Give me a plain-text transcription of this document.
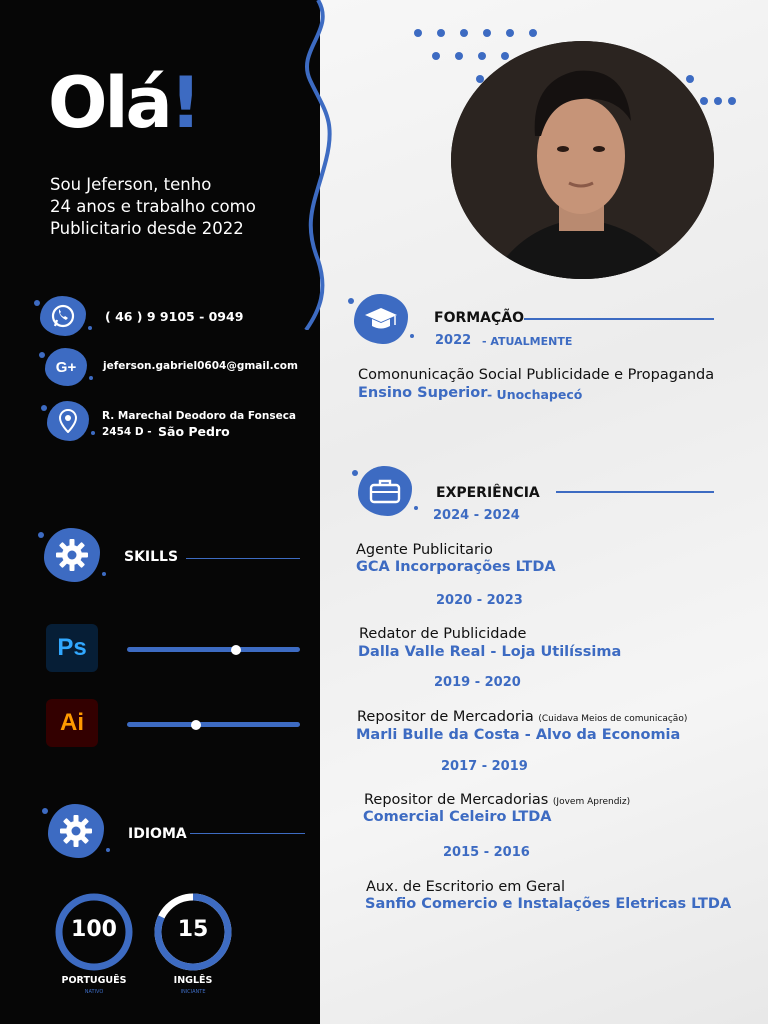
Olá!
Sou Jeferson, tenho
24 anos e trabalho como
Publicitario desde 2022
( 46 ) 9 9105 - 0949
G+	jeferson.gabriel0604@gmail.com
R. Marechal Deodoro da Fonseca
2454 D - São Pedro
SKILLS
Ps
Ai
IDIOMA
100
PORTUGUÊS
NATIVO
15
INGLÊS
INICIANTE
FORMAÇÃO
2022 - ATUALMENTE
Comonunicação Social Publicidade e Propaganda
Ensino Superior - Unochapecó
EXPERIÊNCIA
2024 - 2024
Agente Publicitario
GCA Incorporações LTDA
2020 - 2023
Redator de Publicidade
Dalla Valle Real - Loja Utilíssima
2019 - 2020
Repositor de Mercadoria (Cuidava Meios de comunicação)
Marli Bulle da Costa - Alvo da Economia
2017 - 2019
Repositor de Mercadorias (Jovem Aprendiz)
Comercial Celeiro LTDA
2015 - 2016
Aux. de Escritorio em Geral
Sanfio Comercio e Instalações Eletricas LTDA
